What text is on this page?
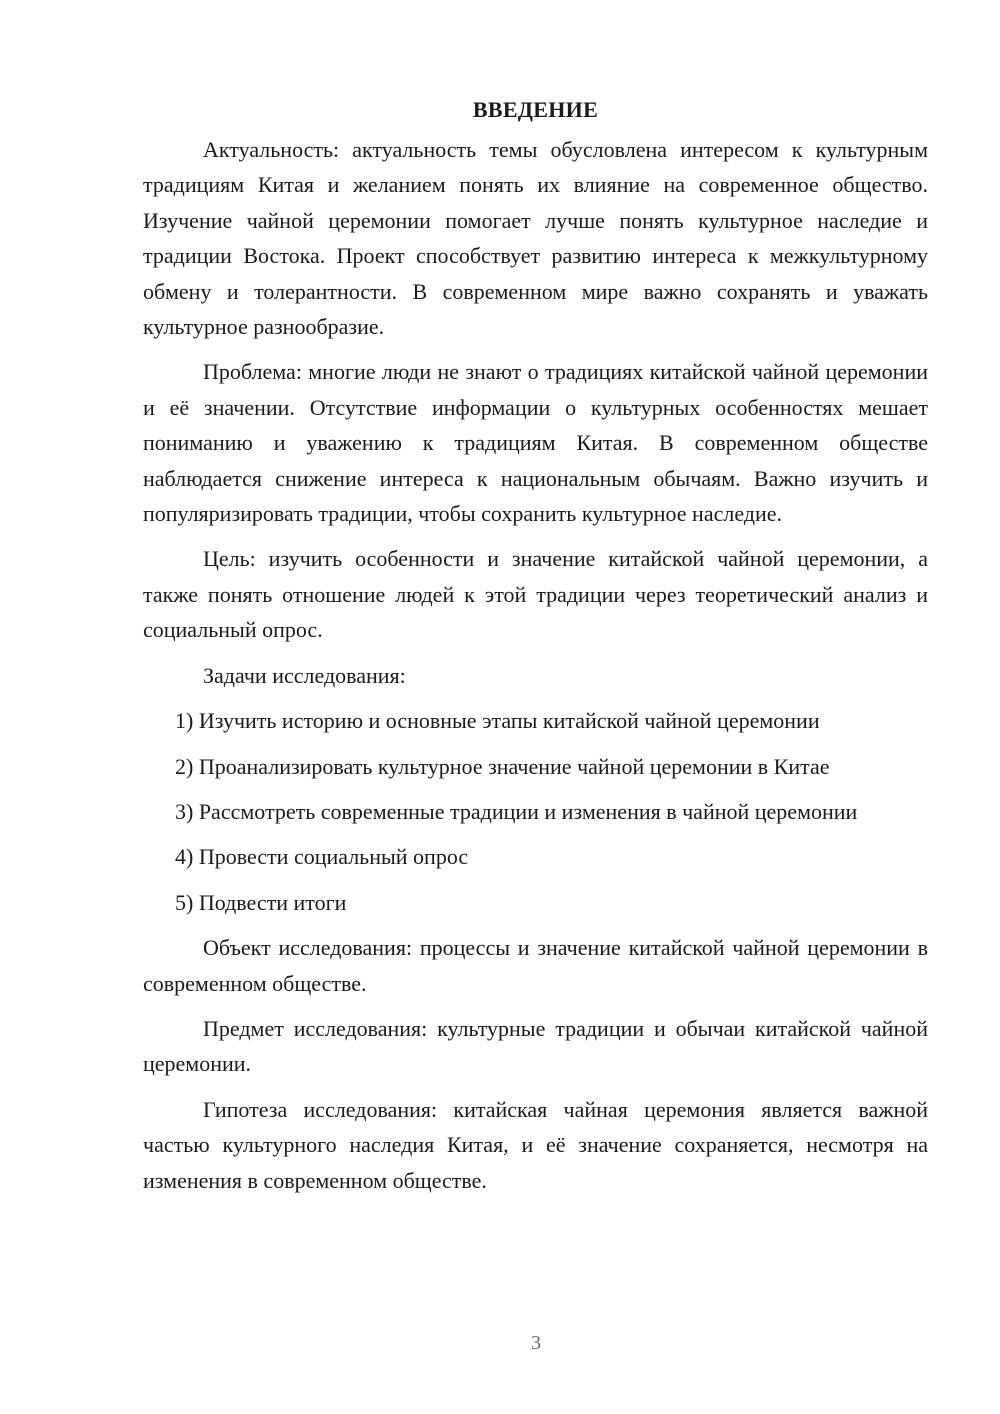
ВВЕДЕНИЕ

Актуальность: актуальность темы обусловлена интересом к культурным традициям Китая и желанием понять их влияние на современное общество. Изучение чайной церемонии помогает лучше понять культурное наследие и традиции Востока. Проект способствует развитию интереса к межкультурному обмену и толерантности. В современном мире важно сохранять и уважать культурное разнообразие.

Проблема: многие люди не знают о традициях китайской чайной церемонии и её значении. Отсутствие информации о культурных особенностях мешает пониманию и уважению к традициям Китая. В современном обществе наблюдается снижение интереса к национальным обычаям. Важно изучить и популяризировать традиции, чтобы сохранить культурное наследие.

Цель: изучить особенности и значение китайской чайной церемонии, а также понять отношение людей к этой традиции через теоретический анализ и социальный опрос.

Задачи исследования:

1) Изучить историю и основные этапы китайской чайной церемонии

2) Проанализировать культурное значение чайной церемонии в Китае

3) Рассмотреть современные традиции и изменения в чайной церемонии

4) Провести социальный опрос

5) Подвести итоги

Объект исследования: процессы и значение китайской чайной церемонии в современном обществе.

Предмет исследования: культурные традиции и обычаи китайской чайной церемонии.

Гипотеза исследования: китайская чайная церемония является важной частью культурного наследия Китая, и её значение сохраняется, несмотря на изменения в современном обществе.

3
